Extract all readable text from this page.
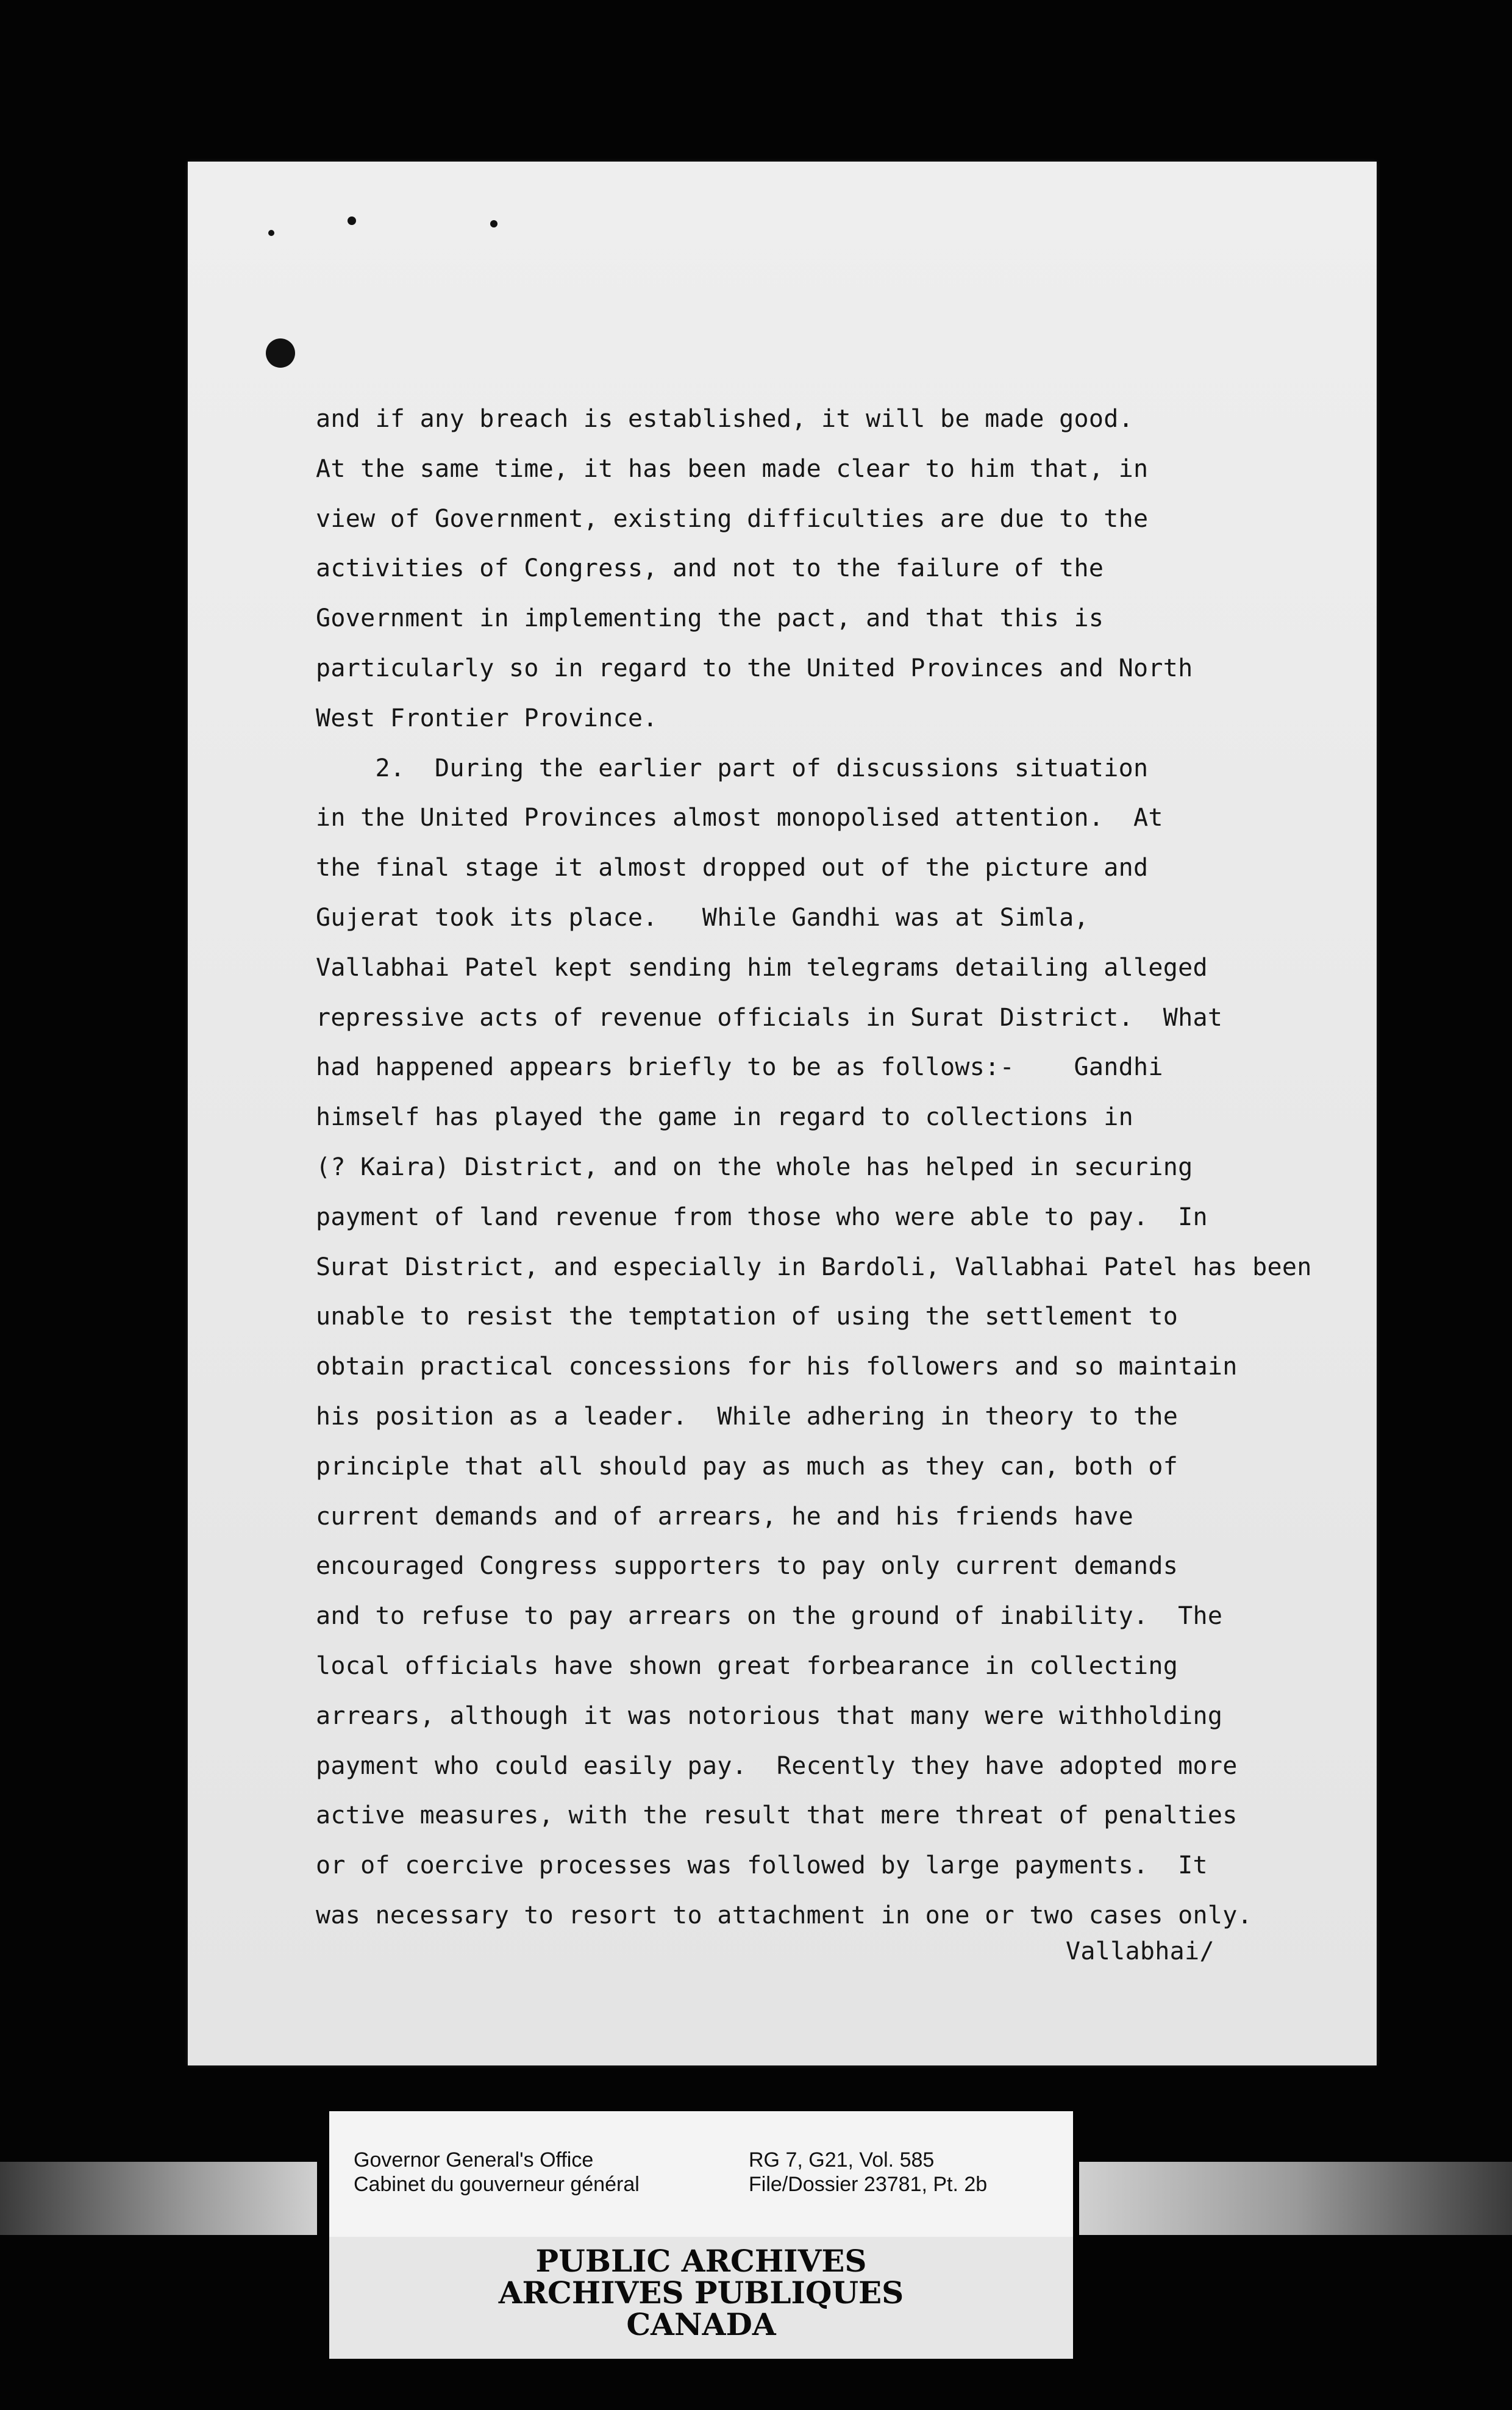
and if any breach is established, it will be made good.

At the same time, it has been made clear to him that, in

view of Government, existing difficulties are due to the

activities of Congress, and not to the failure of the

Government in implementing the pact, and that this is

particularly so in regard to the United Provinces and North

West Frontier Province.

2.  During the earlier part of discussions situation

in the United Provinces almost monopolised attention.  At

the final stage it almost dropped out of the picture and

Gujerat took its place.   While Gandhi was at Simla,

Vallabhai Patel kept sending him telegrams detailing alleged

repressive acts of revenue officials in Surat District.  What

had happened appears briefly to be as follows:-    Gandhi

himself has played the game in regard to collections in

(? Kaira) District, and on the whole has helped in securing

payment of land revenue from those who were able to pay.  In

Surat District, and especially in Bardoli, Vallabhai Patel has been

unable to resist the temptation of using the settlement to

obtain practical concessions for his followers and so maintain

his position as a leader.  While adhering in theory to the

principle that all should pay as much as they can, both of

current demands and of arrears, he and his friends have

encouraged Congress supporters to pay only current demands

and to refuse to pay arrears on the ground of inability.  The

local officials have shown great forbearance in collecting

arrears, although it was notorious that many were withholding

payment who could easily pay.  Recently they have adopted more

active measures, with the result that mere threat of penalties

or of coercive processes was followed by large payments.  It

was necessary to resort to attachment in one or two cases only.

Vallabhai/

Governor General's Office

Cabinet du gouverneur général

RG 7, G21, Vol. 585

File/Dossier 23781, Pt. 2b

PUBLIC ARCHIVES

ARCHIVES PUBLIQUES

CANADA
